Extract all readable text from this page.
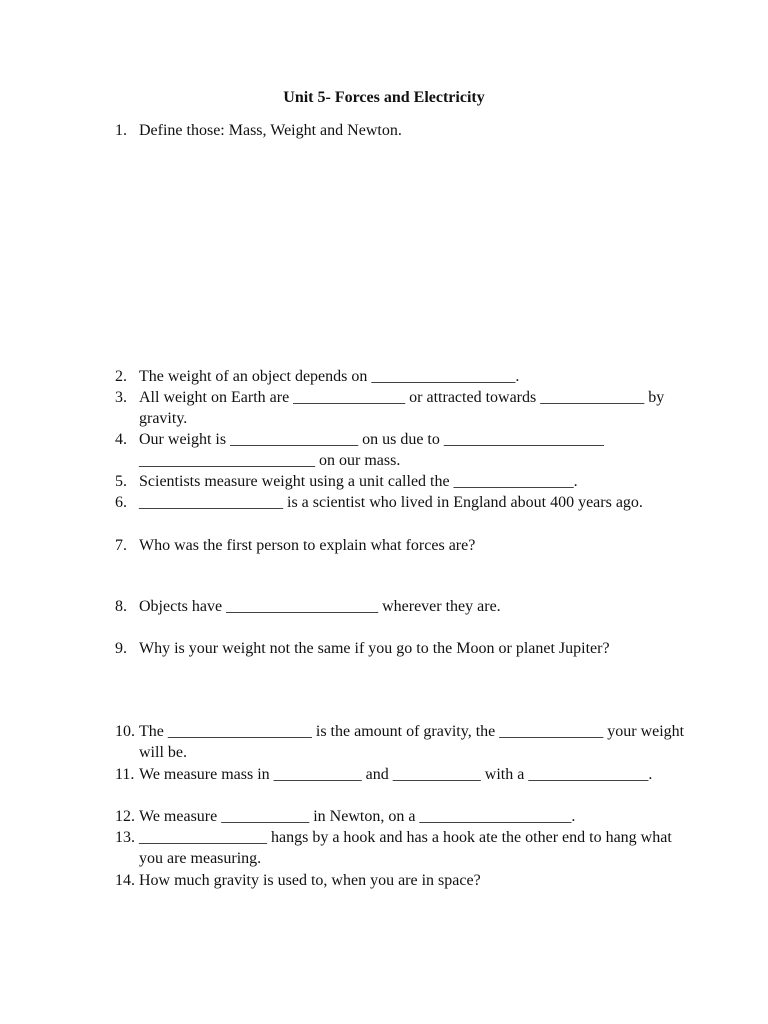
Unit 5- Forces and Electricity
1. Define those: Mass, Weight and Newton.
2. The weight of an object depends on __________________.
3. All weight on Earth are ______________ or attracted towards _____________ by gravity.
4. Our weight is ________________ on us due to ____________________ ______________________ on our mass.
5. Scientists measure weight using a unit called the _______________.
6. __________________ is a scientist who lived in England about 400 years ago.
7. Who was the first person to explain what forces are?
8. Objects have ___________________ wherever they are.
9. Why is your weight not the same if you go to the Moon or planet Jupiter?
10. The __________________ is the amount of gravity, the _____________ your weight will be.
11. We measure mass in ___________ and ___________ with a _______________.
12. We measure ___________ in Newton, on a ___________________.
13. ________________ hangs by a hook and has a hook ate the other end to hang what you are measuring.
14. How much gravity is used to, when you are in space?
